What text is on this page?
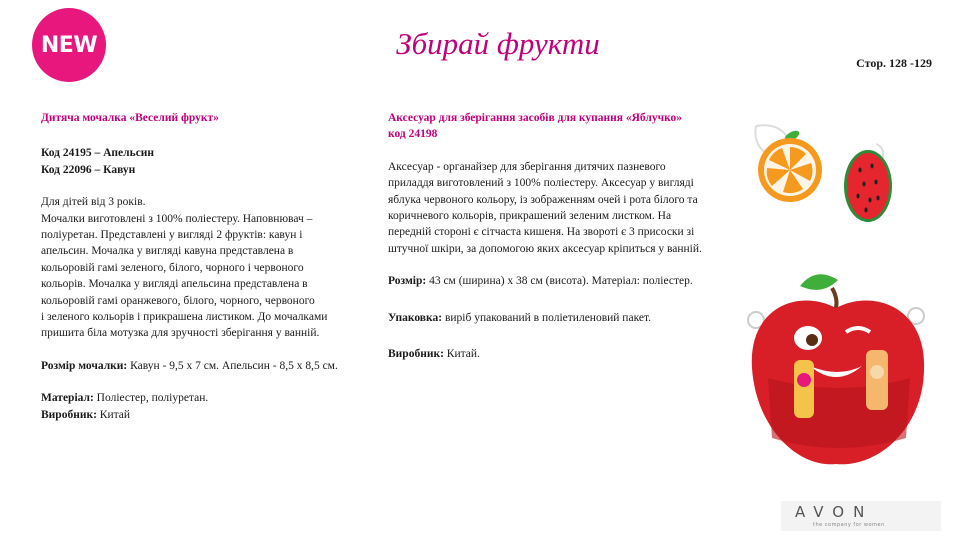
NEW	Збирай фрукти
Стор. 128 -129

Дитяча мочалка «Веселий фрукт»

Код 24195 – Апельсин

Код 22096 – Кавун

Для дітей від 3 років.
Мочалки виготовлені з 100% поліестеру. Наповнювач – поліуретан. Представлені у вигляді 2 фруктів: кавун і апельсин. Мочалка у вигляді кавуна представлена в кольоровій гамі зеленого, білого, чорного і червоного кольорів. Мочалка у вигляді апельсина представлена в кольоровій гамі оранжевого, білого, чорного, червоного
і зеленого кольорів і прикрашена листиком. До мочалками пришита біла мотузка для зручності зберігання у ванній.

Розмір мочалки: Кавун - 9,5 х 7 см. Апельсин - 8,5 х 8,5 см.

Матеріал: Поліестер, поліуретан.

Виробник: Китай

Аксесуар для зберігання засобів для купання «Яблучко»

код 24198

Аксесуар - органайзер для зберігання дитячих пазневого приладдя виготовлений з 100% поліестеру. Аксесуар у вигляді яблука червоного кольору, із зображенням очей і рота білого та коричневого кольорів, прикрашений зеленим листком. На передній стороні є сітчаста кишеня. На звороті є 3 присоски зі штучної шкіри, за допомогою яких аксесуар кріпиться у ванній.

Розмір: 43 см (ширина) х 38 см (висота). Матеріал: поліестер.

Упаковка: виріб упакований в поліетиленовий пакет.

Виробник: Китай.

AVON
the company for women
